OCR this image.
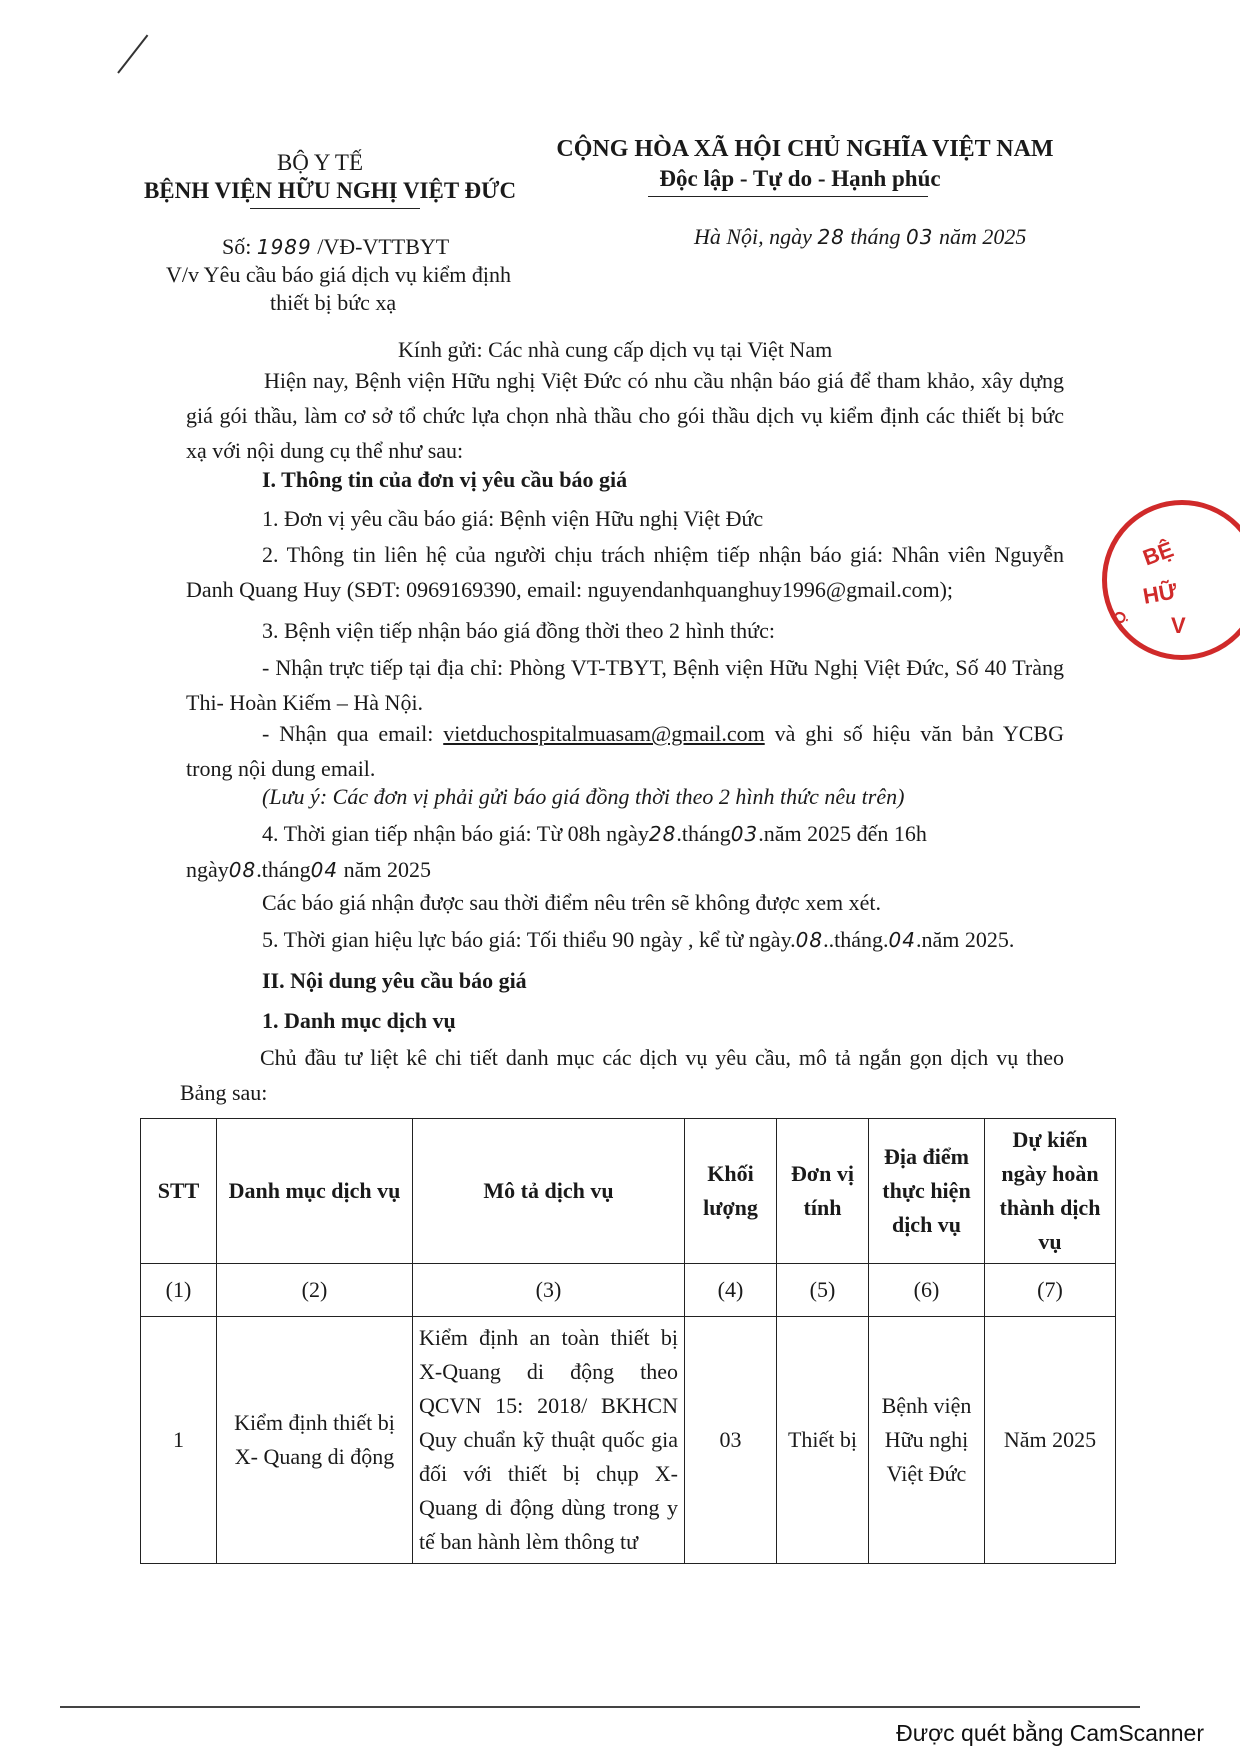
BỘ Y TẾ
BỆNH VIỆN HỮU NGHỊ VIỆT ĐỨC
Số: 1989 /VĐ-VTTBYT
V/v Yêu cầu báo giá dịch vụ kiểm định
thiết bị bức xạ
CỘNG HÒA XÃ HỘI CHỦ NGHĨA VIỆT NAM
Độc lập - Tự do - Hạnh phúc
Hà Nội, ngày 28 tháng 03 năm 2025
Kính gửi: Các nhà cung cấp dịch vụ tại Việt Nam
Hiện nay, Bệnh viện Hữu nghị Việt Đức có nhu cầu nhận báo giá để tham khảo, xây dựng giá gói thầu, làm cơ sở tổ chức lựa chọn nhà thầu cho gói thầu dịch vụ kiểm định các thiết bị bức xạ với nội dung cụ thể như sau:
I. Thông tin của đơn vị yêu cầu báo giá
1. Đơn vị yêu cầu báo giá: Bệnh viện Hữu nghị Việt Đức
2. Thông tin liên hệ của người chịu trách nhiệm tiếp nhận báo giá: Nhân viên Nguyễn Danh Quang Huy (SĐT: 0969169390, email: nguyendanhquanghuy1996@gmail.com);
3. Bệnh viện tiếp nhận báo giá đồng thời theo 2 hình thức:
- Nhận trực tiếp tại địa chỉ: Phòng VT-TBYT, Bệnh viện Hữu Nghị Việt Đức, Số 40 Tràng Thi- Hoàn Kiếm – Hà Nội.
- Nhận qua email: vietduchospitalmuasam@gmail.com và ghi số hiệu văn bản YCBG trong nội dung email.
(Lưu ý: Các đơn vị phải gửi báo giá đồng thời theo 2 hình thức nêu trên)
4. Thời gian tiếp nhận báo giá: Từ 08h ngày28.tháng03.năm 2025 đến 16h
ngày08.tháng04 năm 2025
Các báo giá nhận được sau thời điểm nêu trên sẽ không được xem xét.
5. Thời gian hiệu lực báo giá: Tối thiểu 90 ngày , kể từ ngày.08..tháng.04.năm 2025.
II. Nội dung yêu cầu báo giá
1. Danh mục dịch vụ
Chủ đầu tư liệt kê chi tiết danh mục các dịch vụ yêu cầu, mô tả ngắn gọn dịch vụ theo Bảng sau:
STT	Danh mục dịch vụ	Mô tả dịch vụ	Khối lượng	Đơn vị tính	Địa điểm thực hiện dịch vụ	Dự kiến ngày hoàn thành dịch vụ
(1)	(2)	(3)	(4)	(5)	(6)	(7)
1	Kiểm định thiết bị X- Quang di động	Kiểm định an toàn thiết bị X-Quang di động theo QCVN 15: 2018/ BKHCN Quy chuẩn kỹ thuật quốc gia đối với thiết bị chụp X-Quang di động dùng trong y tế ban hành lèm thông tư	03	Thiết bị	Bệnh viện Hữu nghị Việt Đức	Năm 2025
BỆ
HỮ
V
Ộ
Được quét bằng CamScanner
